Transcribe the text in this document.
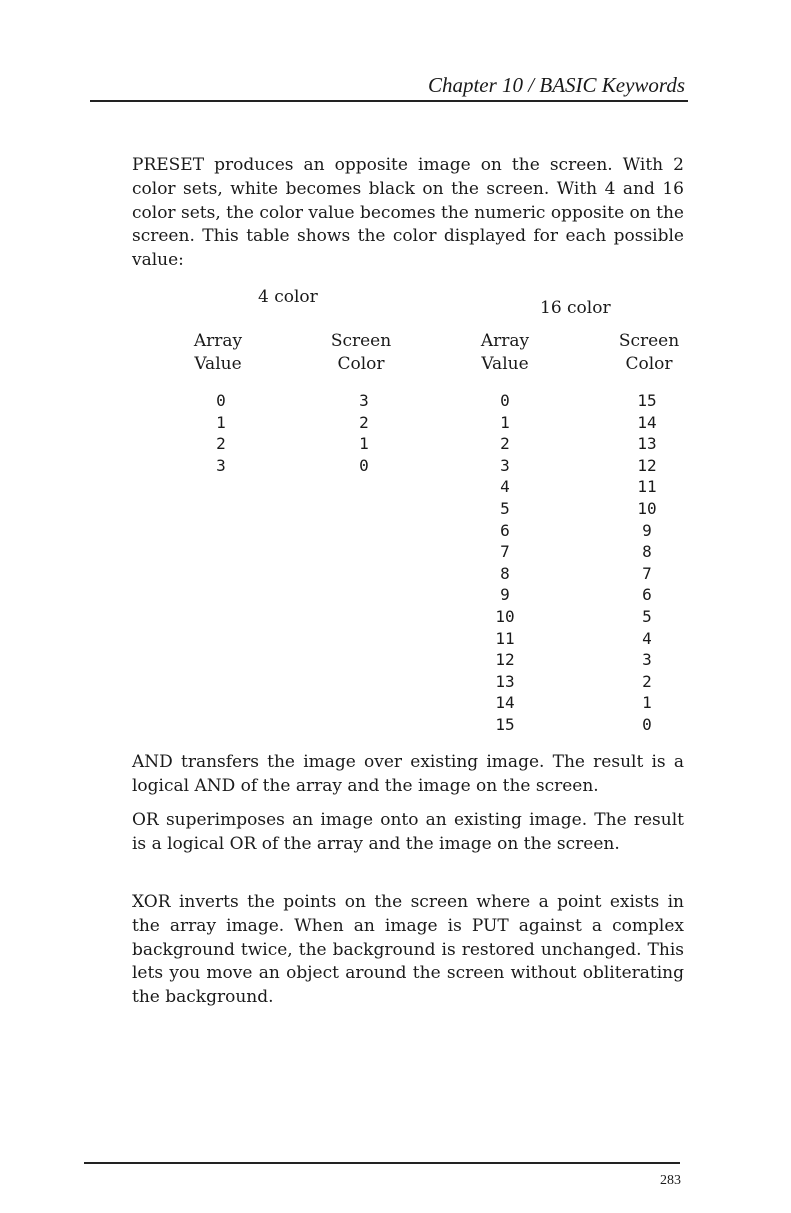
Chapter 10 / BASIC Keywords

PRESET produces an opposite image on the screen. With 2 color sets, white becomes black on the screen. With 4 and 16 color sets, the color value becomes the numeric opposite on the screen. This table shows the color displayed for each possible value:

4 color
16 color
Array
Value
Screen
Color
Array
Value
Screen
Color
0
1
2
3
3
2
1
0
0
1
2
3
4
5
6
7
8
9
10
11
12
13
14
15
15
14
13
12
11
10
9
8
7
6
5
4
3
2
1
0

AND transfers the image over existing image. The result is a logical AND of the array and the image on the screen.

OR superimposes an image onto an existing image. The result is a logical OR of the array and the image on the screen.

XOR inverts the points on the screen where a point exists in the array image. When an image is PUT against a complex background twice, the background is restored unchanged. This lets you move an object around the screen without obliterating the background.

283
